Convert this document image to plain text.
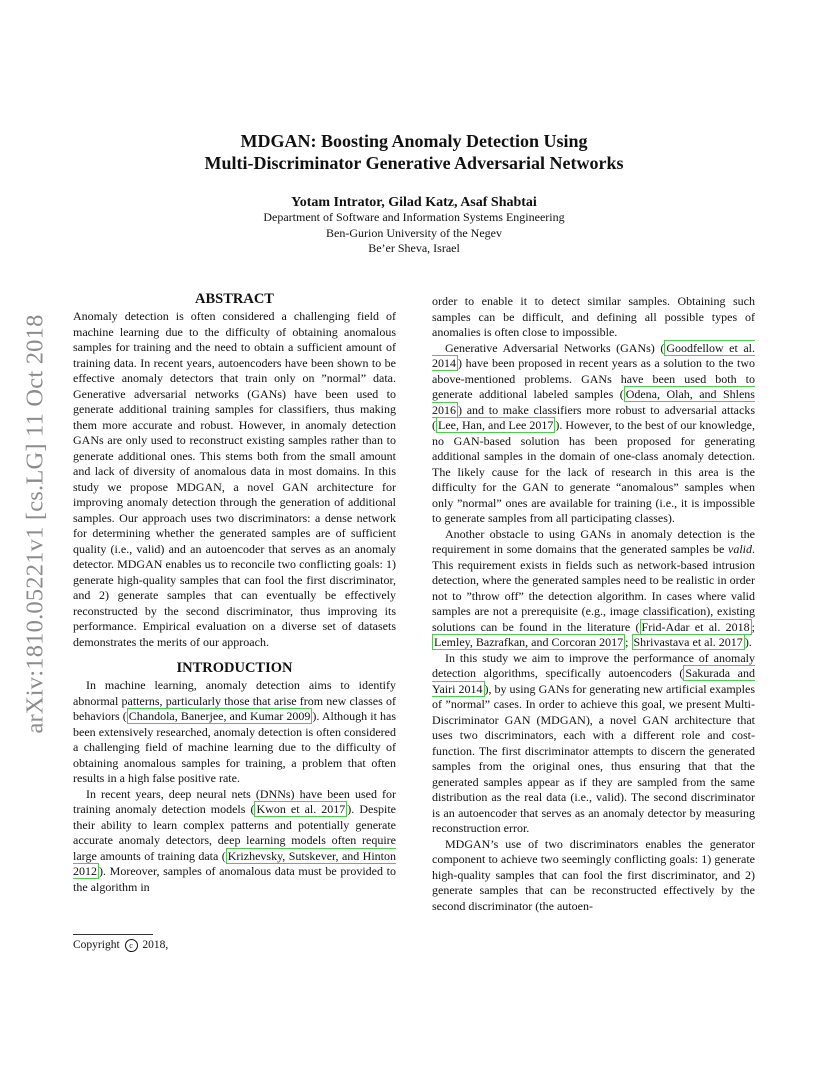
arXiv:1810.05221v1 [cs.LG] 11 Oct 2018
MDGAN: Boosting Anomaly Detection Using
Multi-Discriminator Generative Adversarial Networks
Yotam Intrator, Gilad Katz, Asaf Shabtai
Department of Software and Information Systems Engineering
Ben-Gurion University of the Negev
Be’er Sheva, Israel
ABSTRACT

Anomaly detection is often considered a challenging field of machine learning due to the difficulty of obtaining anomalous samples for training and the need to obtain a sufficient amount of training data. In recent years, autoencoders have been shown to be effective anomaly detectors that train only on ”normal” data. Generative adversarial networks (GANs) have been used to generate additional training samples for classifiers, thus making them more accurate and robust. However, in anomaly detection GANs are only used to reconstruct existing samples rather than to generate additional ones. This stems both from the small amount and lack of diversity of anomalous data in most domains. In this study we propose MDGAN, a novel GAN architecture for improving anomaly detection through the generation of additional samples. Our approach uses two discriminators: a dense network for determining whether the generated samples are of sufficient quality (i.e., valid) and an autoencoder that serves as an anomaly detector. MDGAN enables us to reconcile two conflicting goals: 1) generate high-quality samples that can fool the first discriminator, and 2) generate samples that can eventually be effectively reconstructed by the second discriminator, thus improving its performance. Empirical evaluation on a diverse set of datasets demonstrates the merits of our approach.

INTRODUCTION

In machine learning, anomaly detection aims to identify abnormal patterns, particularly those that arise from new classes of behaviors ( Chandola, Banerjee, and Kumar 2009 ). Although it has been extensively researched, anomaly detection is often considered a challenging field of machine learning due to the difficulty of obtaining anomalous samples for training, a problem that often results in a high false positive rate.

In recent years, deep neural nets (DNNs) have been used for training anomaly detection models ( Kwon et al. 2017 ). Despite their ability to learn complex patterns and potentially generate accurate anomaly detectors, deep learning models often require large amounts of training data ( Krizhevsky, Sutskever, and Hinton 2012 ). Moreover, samples of anomalous data must be provided to the algorithm in

Copyright c 2018,

order to enable it to detect similar samples. Obtaining such samples can be difficult, and defining all possible types of anomalies is often close to impossible.

Generative Adversarial Networks (GANs) ( Goodfellow et al. 2014 ) have been proposed in recent years as a solution to the two above-mentioned problems. GANs have been used both to generate additional labeled samples ( Odena, Olah, and Shlens 2016 ) and to make classifiers more robust to adversarial attacks ( Lee, Han, and Lee 2017 ). However, to the best of our knowledge, no GAN-based solution has been proposed for generating additional samples in the domain of one-class anomaly detection. The likely cause for the lack of research in this area is the difficulty for the GAN to generate “anomalous” samples when only ”normal” ones are available for training (i.e., it is impossible to generate samples from all participating classes).

Another obstacle to using GANs in anomaly detection is the requirement in some domains that the generated samples be valid. This requirement exists in fields such as network-based intrusion detection, where the generated samples need to be realistic in order not to ”throw off” the detection algorithm. In cases where valid samples are not a prerequisite (e.g., image classification), existing solutions can be found in the literature ( Frid-Adar et al. 2018 ; Lemley, Bazrafkan, and Corcoran 2017 ; Shrivastava et al. 2017 ).

In this study we aim to improve the performance of anomaly detection algorithms, specifically autoencoders ( Sakurada and Yairi 2014 ), by using GANs for generating new artificial examples of ”normal” cases. In order to achieve this goal, we present Multi-Discriminator GAN (MDGAN), a novel GAN architecture that uses two discriminators, each with a different role and cost-function. The first discriminator attempts to discern the generated samples from the original ones, thus ensuring that that the generated samples appear as if they are sampled from the same distribution as the real data (i.e., valid). The second discriminator is an autoencoder that serves as an anomaly detector by measuring reconstruction error.

MDGAN’s use of two discriminators enables the generator component to achieve two seemingly conflicting goals: 1) generate high-quality samples that can fool the first discriminator, and 2) generate samples that can be reconstructed effectively by the second discriminator (the autoen-
